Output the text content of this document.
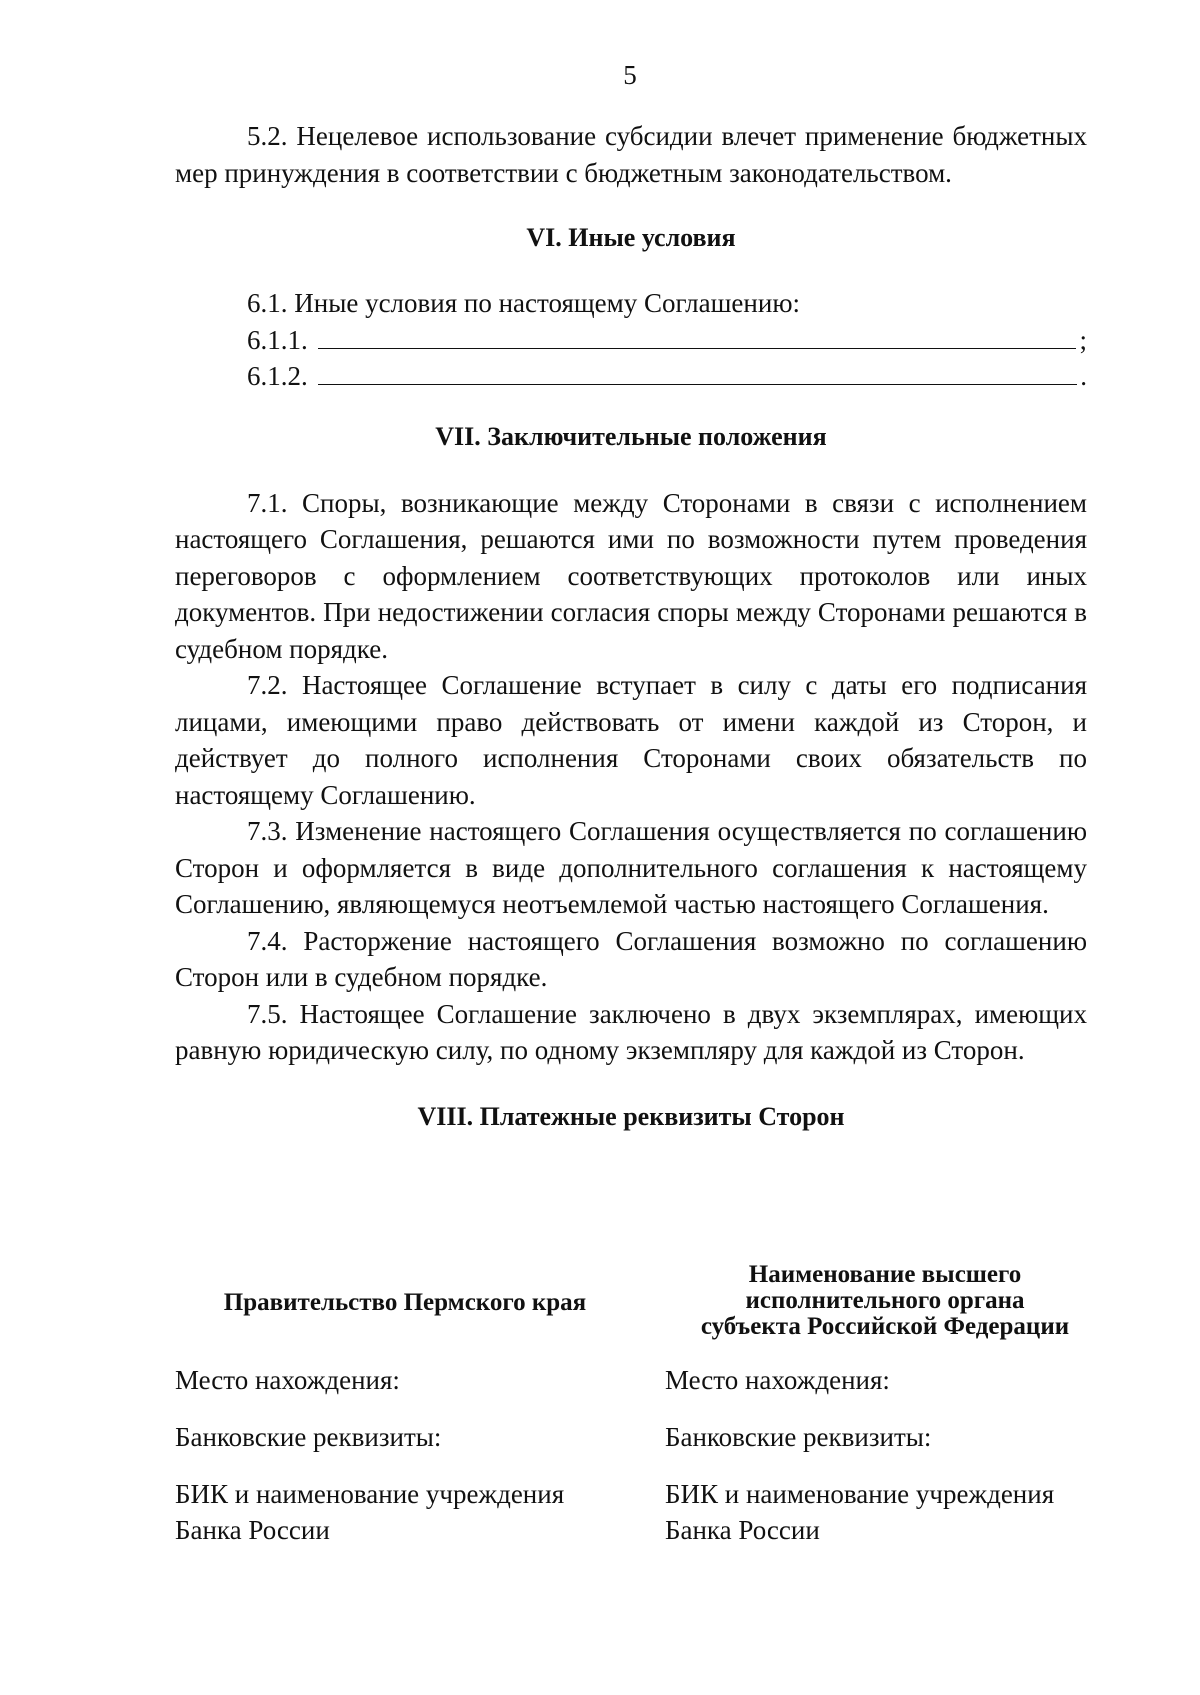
5

5.2. Нецелевое использование субсидии влечет применение бюджетных мер принуждения в соответствии с бюджетным законодательством.

VI. Иные условия

6.1. Иные условия по настоящему Соглашению:

6.1.1.	;
6.1.2.	.
VII. Заключительные положения

7.1. Споры, возникающие между Сторонами в связи с исполнением настоящего Соглашения, решаются ими по возможности путем проведения переговоров с оформлением соответствующих протоколов или иных документов. При недостижении согласия споры между Сторонами решаются в судебном порядке.

7.2. Настоящее Соглашение вступает в силу с даты его подписания лицами, имеющими право действовать от имени каждой из Сторон, и действует до полного исполнения Сторонами своих обязательств по настоящему Соглашению.

7.3. Изменение настоящего Соглашения осуществляется по соглашению Сторон и оформляется в виде дополнительного соглашения к настоящему Соглашению, являющемуся неотъемлемой частью настоящего Соглашения.

7.4. Расторжение настоящего Соглашения возможно по соглашению Сторон или в судебном порядке.

7.5. Настоящее Соглашение заключено в двух экземплярах, имеющих равную юридическую силу, по одному экземпляру для каждой из Сторон.

VIII. Платежные реквизиты Сторон
Правительство Пермского края

Место нахождения:

Банковские реквизиты:

БИК и наименование учреждения
Банка России
Наименование высшего
исполнительного органа
субъекта Российской Федерации

Место нахождения:

Банковские реквизиты:

БИК и наименование учреждения
Банка России
